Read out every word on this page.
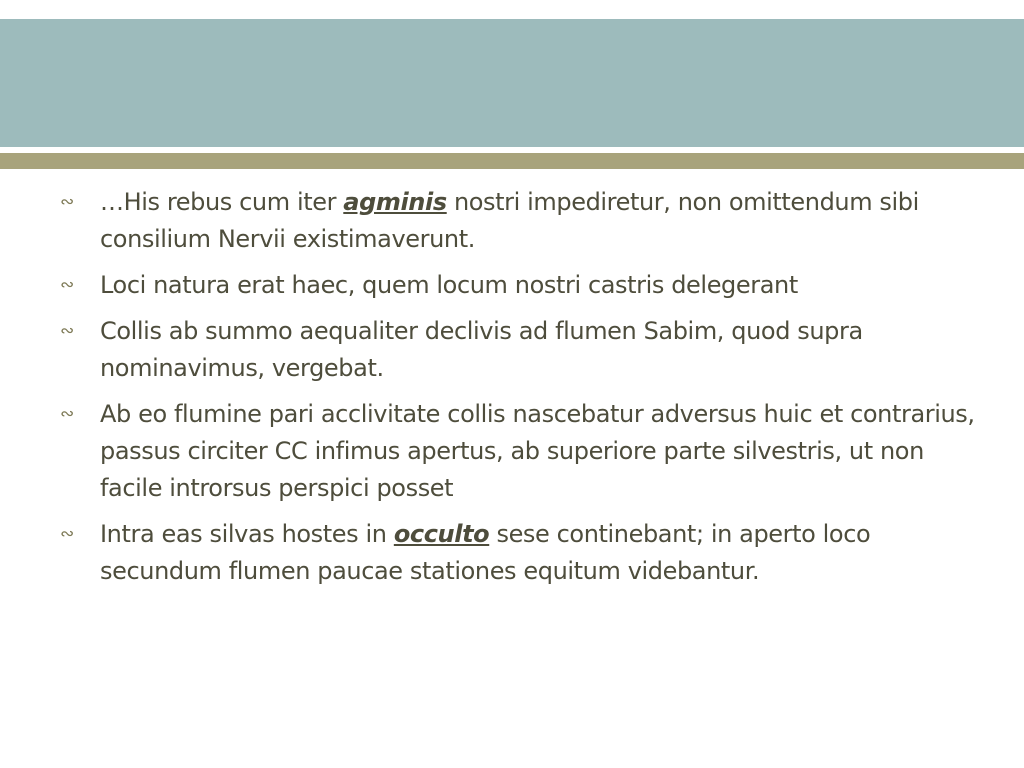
∾ …His rebus cum iter agminis nostri impediretur, non omittendum sibi consilium Nervii existimaverunt.
∾ Loci natura erat haec, quem locum nostri castris delegerant
∾ Collis ab summo aequaliter declivis ad flumen Sabim, quod supra nominavimus, vergebat.
∾ Ab eo flumine pari acclivitate collis nascebatur adversus huic et contrarius, passus circiter CC infimus apertus, ab superiore parte silvestris, ut non facile introrsus perspici posset
∾ Intra eas silvas hostes in occulto sese continebant; in aperto loco secundum flumen paucae stationes equitum videbantur.
